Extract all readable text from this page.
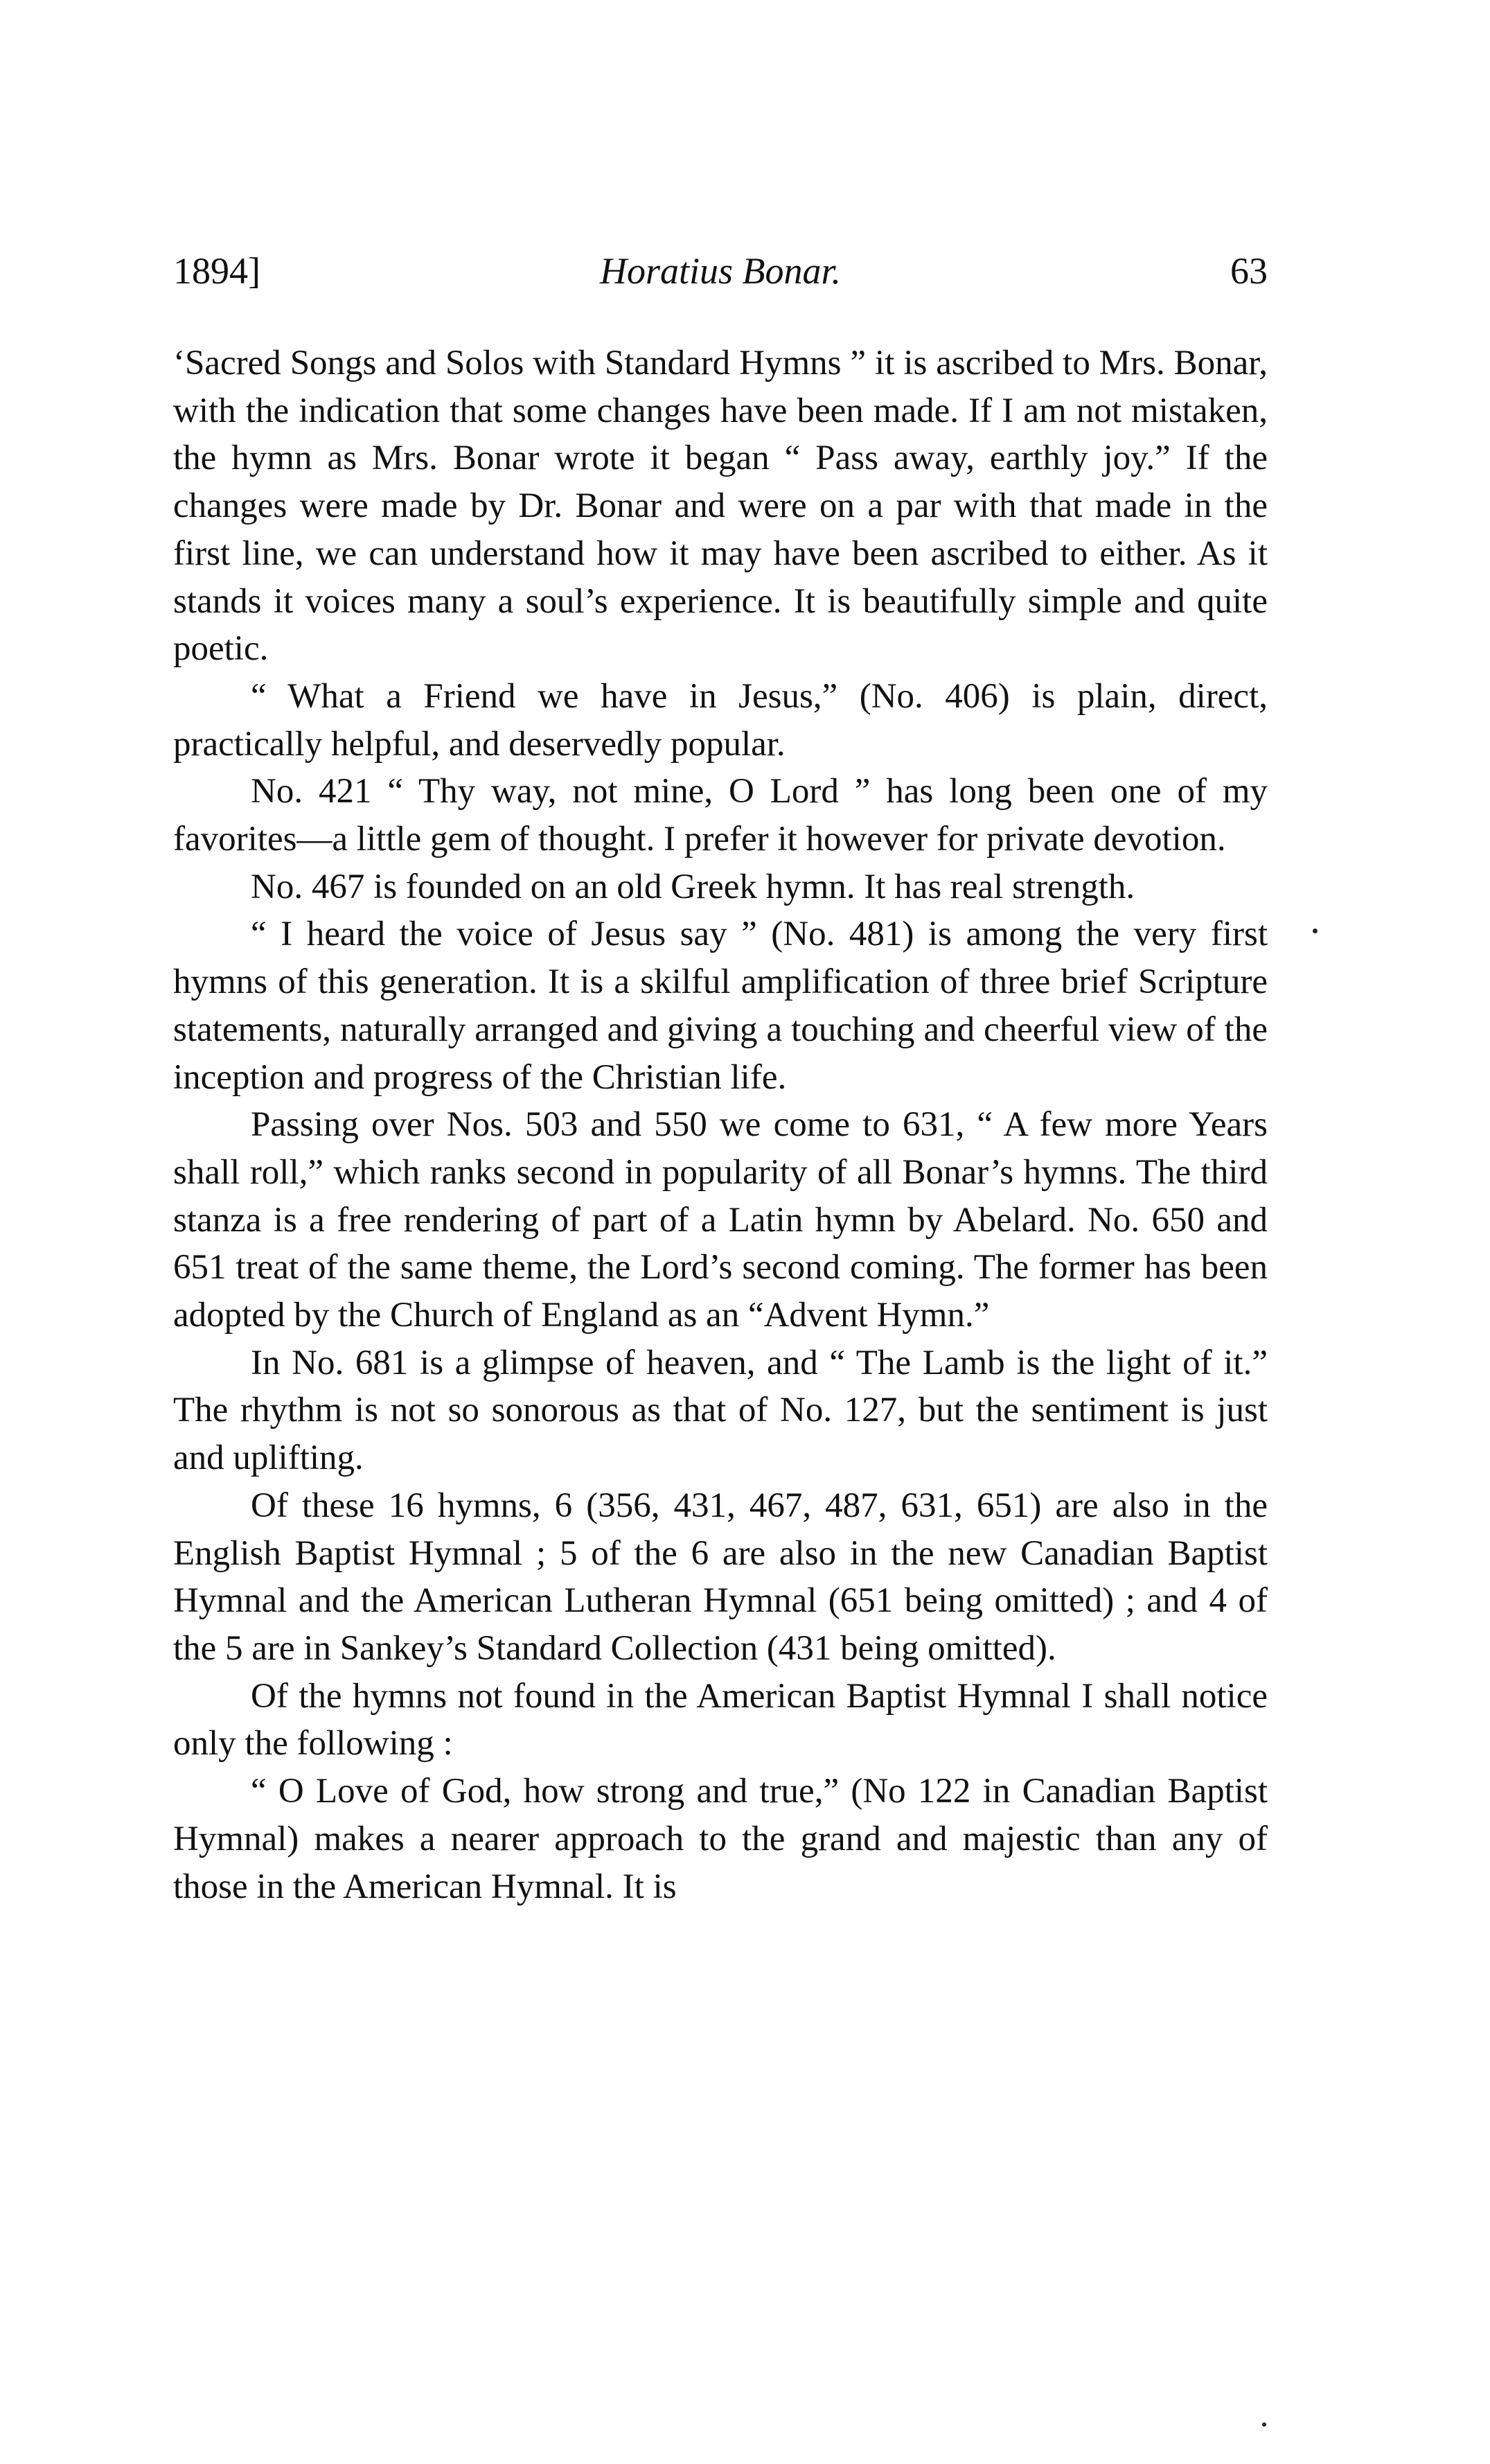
1894]	Horatius Bonar.	63

‘Sacred Songs and Solos with Standard Hymns ” it is ascribed to Mrs. Bonar, with the indication that some changes have been made. If I am not mistaken, the hymn as Mrs. Bonar wrote it began “ Pass away, earthly joy.” If the changes were made by Dr. Bonar and were on a par with that made in the first line, we can understand how it may have been ascribed to either. As it stands it voices many a soul’s experience. It is beautifully simple and quite poetic.

“ What a Friend we have in Jesus,” (No. 406) is plain, direct, practically helpful, and deservedly popular.

No. 421 “ Thy way, not mine, O Lord ” has long been one of my favorites—a little gem of thought. I prefer it however for private devotion.

No. 467 is founded on an old Greek hymn. It has real strength.

“ I heard the voice of Jesus say ” (No. 481) is among the very first hymns of this generation. It is a skilful amplification of three brief Scripture statements, naturally arranged and giving a touching and cheerful view of the inception and progress of the Christian life.

Passing over Nos. 503 and 550 we come to 631, “ A few more Years shall roll,” which ranks second in popularity of all Bonar’s hymns. The third stanza is a free rendering of part of a Latin hymn by Abelard. No. 650 and 651 treat of the same theme, the Lord’s second coming. The former has been adopted by the Church of England as an “Advent Hymn.”

In No. 681 is a glimpse of heaven, and “ The Lamb is the light of it.” The rhythm is not so sonorous as that of No. 127, but the sentiment is just and uplifting.

Of these 16 hymns, 6 (356, 431, 467, 487, 631, 651) are also in the English Baptist Hymnal ; 5 of the 6 are also in the new Canadian Baptist Hymnal and the American Lutheran Hymnal (651 being omitted) ; and 4 of the 5 are in Sankey’s Standard Collection (431 being omitted).

Of the hymns not found in the American Baptist Hymnal I shall notice only the following :

“ O Love of God, how strong and true,” (No 122 in Canadian Baptist Hymnal) makes a nearer approach to the grand and majestic than any of those in the American Hymnal. It is
